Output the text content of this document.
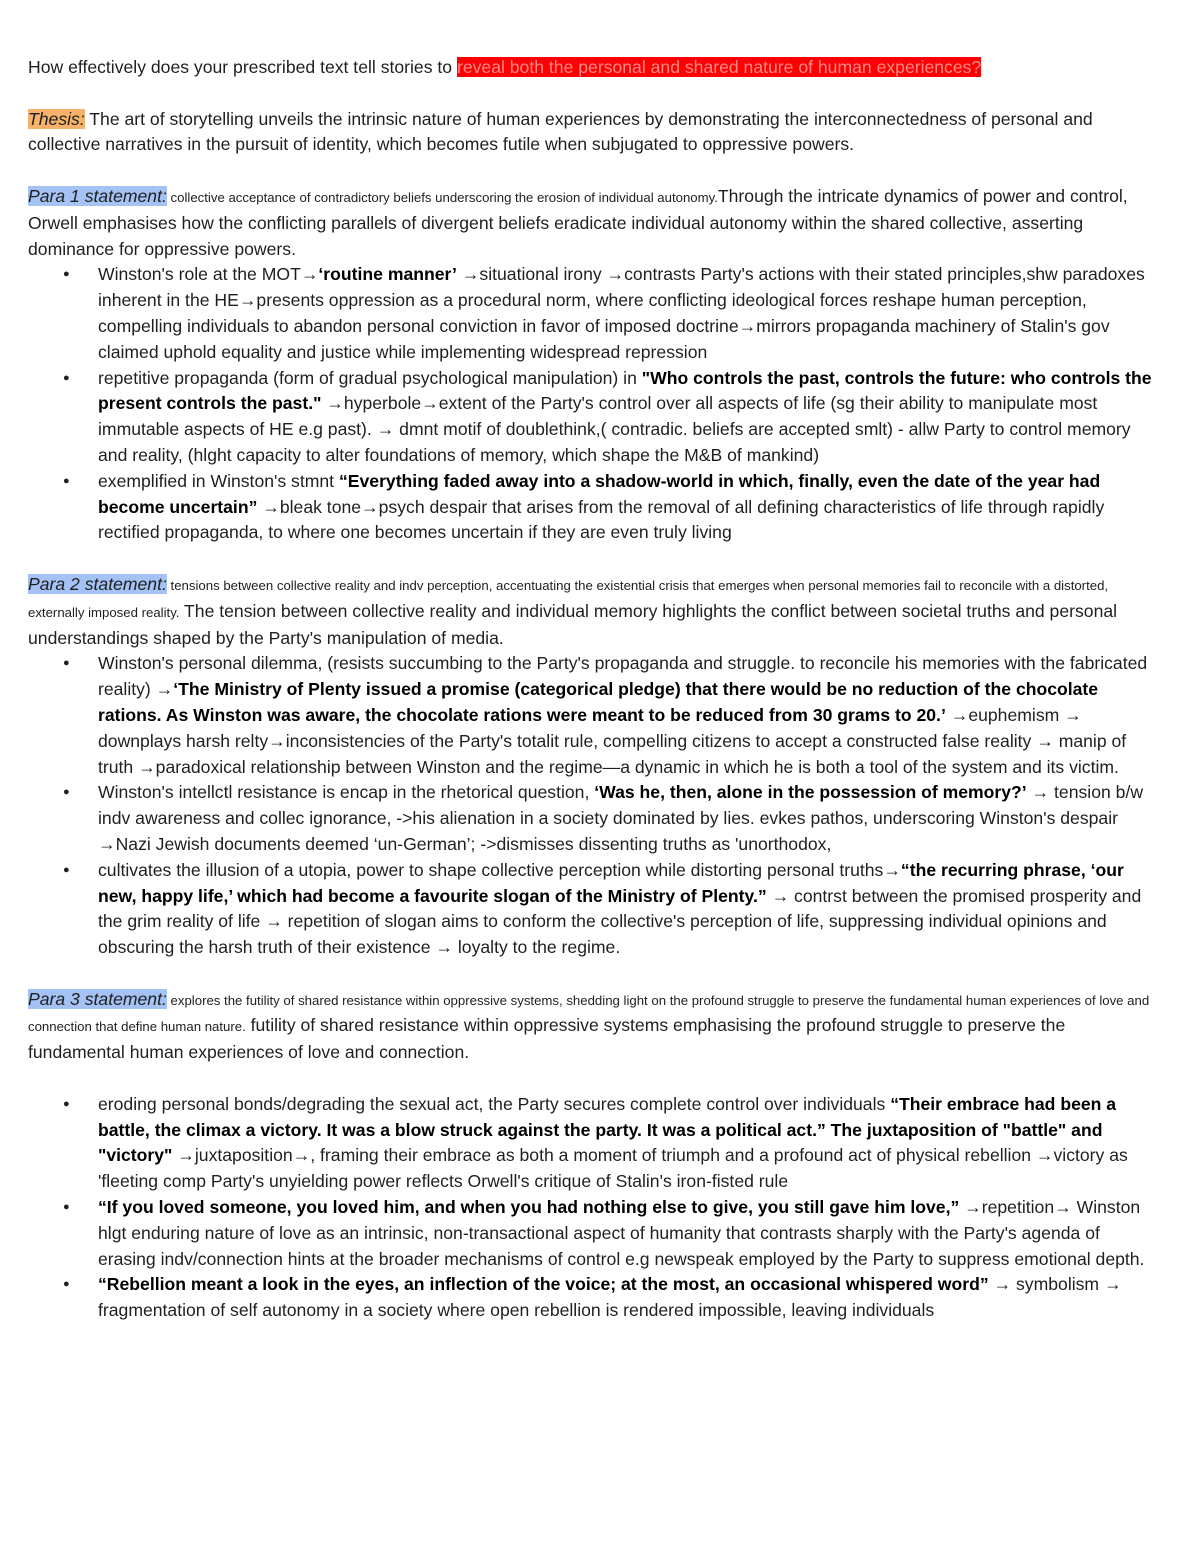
How effectively does your prescribed text tell stories to reveal both the personal and shared nature of human experiences?

Thesis: The art of storytelling unveils the intrinsic nature of human experiences by demonstrating the interconnectedness of personal and collective narratives in the pursuit of identity, which becomes futile when subjugated to oppressive powers.

Para 1 statement: collective acceptance of contradictory beliefs underscoring the erosion of individual autonomy.Through the intricate dynamics of power and control, Orwell emphasises how the conflicting parallels of divergent beliefs eradicate individual autonomy within the shared collective, asserting dominance for oppressive powers.

● Winston's role at the MOT→‘routine manner’ →situational irony →contrasts Party's actions with their stated principles,shw paradoxes inherent in the HE→presents oppression as a procedural norm, where conflicting ideological forces reshape human perception, compelling individuals to abandon personal conviction in favor of imposed doctrine→mirrors propaganda machinery of Stalin's gov claimed uphold equality and justice while implementing widespread repression
● repetitive propaganda (form of gradual psychological manipulation) in "Who controls the past, controls the future: who controls the present controls the past." →hyperbole→extent of the Party's control over all aspects of life (sg their ability to manipulate most immutable aspects of HE e.g past). → dmnt motif of doublethink,( contradic. beliefs are accepted smlt) - allw Party to control memory and reality, (hlght capacity to alter foundations of memory, which shape the M&B of mankind)
● exemplified in Winston's stmnt “Everything faded away into a shadow-world in which, finally, even the date of the year had become uncertain” →bleak tone→psych despair that arises from the removal of all defining characteristics of life through rapidly rectified propaganda, to where one becomes uncertain if they are even truly living

Para 2 statement: tensions between collective reality and indv perception, accentuating the existential crisis that emerges when personal memories fail to reconcile with a distorted, externally imposed reality. The tension between collective reality and individual memory highlights the conflict between societal truths and personal understandings shaped by the Party's manipulation of media.

● Winston's personal dilemma, (resists succumbing to the Party's propaganda and struggle. to reconcile his memories with the fabricated reality) →‘The Ministry of Plenty issued a promise (categorical pledge) that there would be no reduction of the chocolate rations. As Winston was aware, the chocolate rations were meant to be reduced from 30 grams to 20.’ →euphemism → downplays harsh relty→inconsistencies of the Party's totalit rule, compelling citizens to accept a constructed false reality → manip of truth →paradoxical relationship between Winston and the regime—a dynamic in which he is both a tool of the system and its victim.
● Winston's intellctl resistance is encap in the rhetorical question, ‘Was he, then, alone in the possession of memory?’ → tension b/w indv awareness and collec ignorance, ->his alienation in a society dominated by lies. evkes pathos, underscoring Winston's despair →Nazi Jewish documents deemed ‘un-German’; ->dismisses dissenting truths as 'unorthodox,
● cultivates the illusion of a utopia, power to shape collective perception while distorting personal truths→“the recurring phrase, ‘our new, happy life,’ which had become a favourite slogan of the Ministry of Plenty.” → contrst between the promised prosperity and the grim reality of life → repetition of slogan aims to conform the collective's perception of life, suppressing individual opinions and obscuring the harsh truth of their existence → loyalty to the regime.

Para 3 statement: explores the futility of shared resistance within oppressive systems, shedding light on the profound struggle to preserve the fundamental human experiences of love and connection that define human nature. futility of shared resistance within oppressive systems emphasising the profound struggle to preserve the fundamental human experiences of love and connection.

● eroding personal bonds/degrading the sexual act, the Party secures complete control over individuals “Their embrace had been a battle, the climax a victory. It was a blow struck against the party. It was a political act.” The juxtaposition of "battle" and "victory" →juxtaposition→, framing their embrace as both a moment of triumph and a profound act of physical rebellion →victory as 'fleeting comp Party's unyielding power reflects Orwell's critique of Stalin's iron-fisted rule
● “If you loved someone, you loved him, and when you had nothing else to give, you still gave him love,” →repetition→ Winston hlgt enduring nature of love as an intrinsic, non-transactional aspect of humanity that contrasts sharply with the Party's agenda of erasing indv/connection hints at the broader mechanisms of control e.g newspeak employed by the Party to suppress emotional depth.
● “Rebellion meant a look in the eyes, an inflection of the voice; at the most, an occasional whispered word” → symbolism → fragmentation of self autonomy in a society where open rebellion is rendered impossible, leaving individuals
